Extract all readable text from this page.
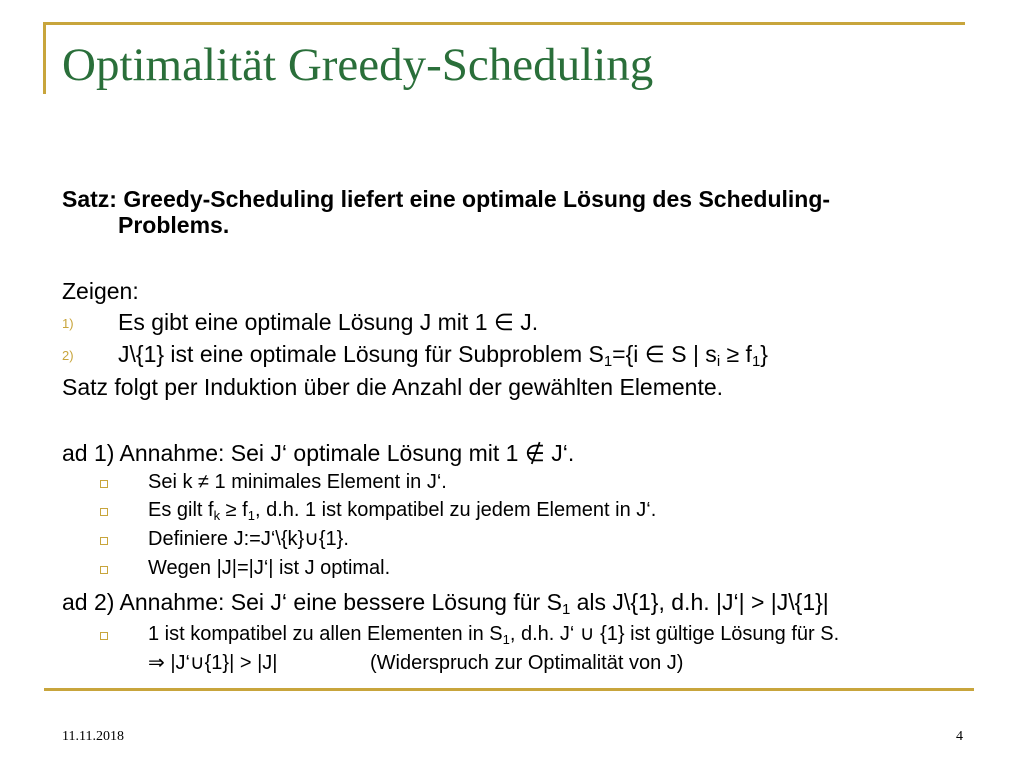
Optimalität Greedy-Scheduling
Satz: Greedy-Scheduling liefert eine optimale Lösung des Scheduling-
Problems.
Zeigen:
1) Es gibt eine optimale Lösung J mit 1 ∈ J.
2) J\{1} ist eine optimale Lösung für Subproblem $S_1=\{i$ ∈ S | $s_i \ge f_1$}
Satz folgt per Induktion über die Anzahl der gewählten Elemente.
ad 1) Annahme: Sei J‘ optimale Lösung mit 1 ∉ J‘.
Sei k ≠ 1 minimales Element in J‘.
Es gilt $f_k \ge f_1$, d.h. 1 ist kompatibel zu jedem Element in J‘.
Definiere J:=J‘\{k}∪{1}.
Wegen |J|=|J‘| ist J optimal.
ad 2) Annahme: Sei J‘ eine bessere Lösung für $S_1$ als J\{1}, d.h. |J‘| > |J\{1}|
1 ist kompatibel zu allen Elementen in $S_1$, d.h. J‘ ∪ {1} ist gültige Lösung für S.
⇒ |J‘∪{1}| > |J|	(Widerspruch zur Optimalität von J)
11.11.2018	4
